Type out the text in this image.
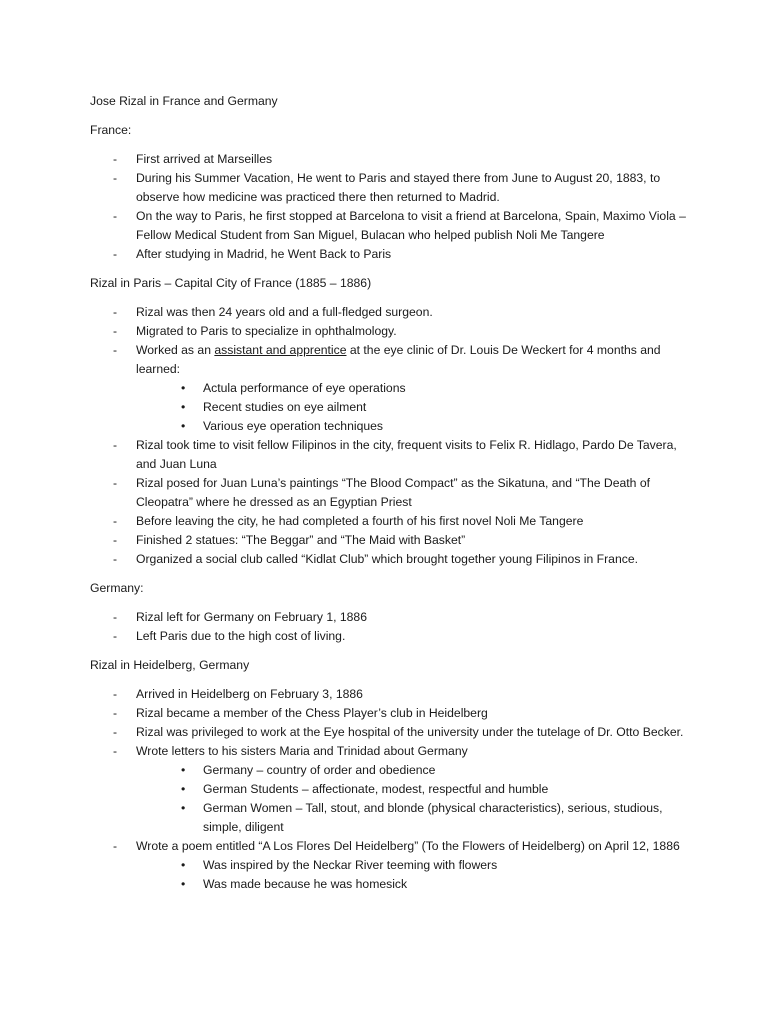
Jose Rizal in France and Germany

France:

- First arrived at Marseilles
- During his Summer Vacation, He went to Paris and stayed there from June to August 20, 1883, to observe how medicine was practiced there then returned to Madrid.
- On the way to Paris, he first stopped at Barcelona to visit a friend at Barcelona, Spain, Maximo Viola – Fellow Medical Student from San Miguel, Bulacan who helped publish Noli Me Tangere
- After studying in Madrid, he Went Back to Paris

Rizal in Paris – Capital City of France (1885 – 1886)

- Rizal was then 24 years old and a full-fledged surgeon.
- Migrated to Paris to specialize in ophthalmology.
- Worked as an assistant and apprentice at the eye clinic of Dr. Louis De Weckert for 4 months and learned:
• Actula performance of eye operations
• Recent studies on eye ailment
• Various eye operation techniques
- Rizal took time to visit fellow Filipinos in the city, frequent visits to Felix R. Hidlago, Pardo De Tavera, and Juan Luna
- Rizal posed for Juan Luna’s paintings “The Blood Compact” as the Sikatuna, and “The Death of Cleopatra” where he dressed as an Egyptian Priest
- Before leaving the city, he had completed a fourth of his first novel Noli Me Tangere
- Finished 2 statues: “The Beggar” and “The Maid with Basket”
- Organized a social club called “Kidlat Club” which brought together young Filipinos in France.

Germany:

- Rizal left for Germany on February 1, 1886
- Left Paris due to the high cost of living.

Rizal in Heidelberg, Germany

- Arrived in Heidelberg on February 3, 1886
- Rizal became a member of the Chess Player’s club in Heidelberg
- Rizal was privileged to work at the Eye hospital of the university under the tutelage of Dr. Otto Becker.
- Wrote letters to his sisters Maria and Trinidad about Germany
• Germany – country of order and obedience
• German Students – affectionate, modest, respectful and humble
• German Women – Tall, stout, and blonde (physical characteristics), serious, studious, simple, diligent
- Wrote a poem entitled “A Los Flores Del Heidelberg” (To the Flowers of Heidelberg) on April 12, 1886
• Was inspired by the Neckar River teeming with flowers
• Was made because he was homesick
